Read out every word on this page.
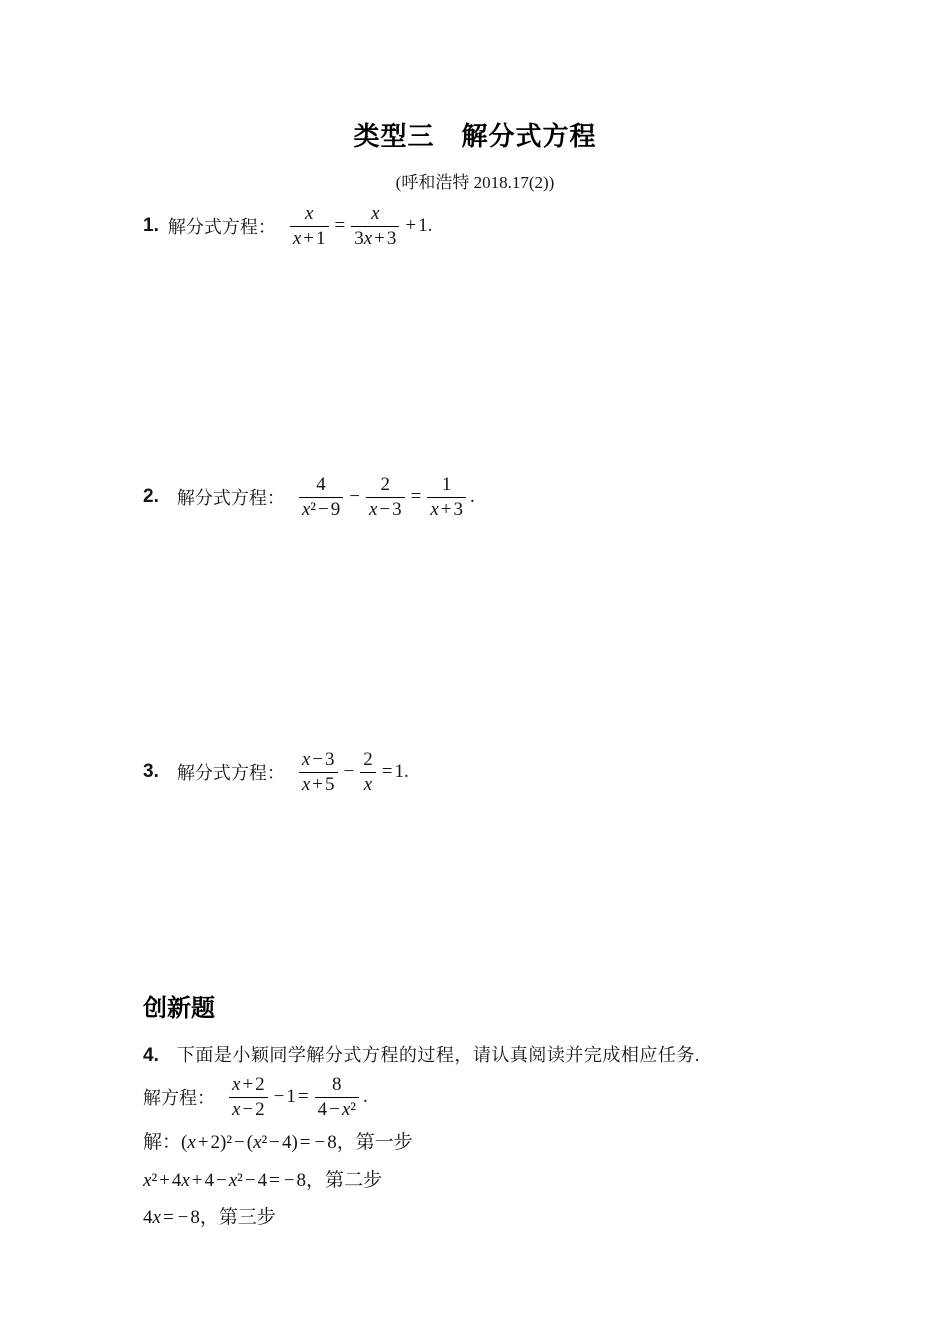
类型三　解分式方程
(呼和浩特 2018.17(2))
1. 解分式方程： $\frac{x}{x + 1} = \frac{x}{3x + 3} + 1$.
2. 解分式方程： $\frac{4}{\text{x² − 9}} - \frac{2}{x - 3} = \frac{1}{x + 3}$ .
3. 解分式方程： $\frac{x - 3}{x + 5} - \frac{2}{x} = 1$.
创新题
4. 下面是小颖同学解分式方程的过程，请认真阅读并完成相应任务.
解方程： $\frac{x + 2}{x - 2} - 1 = \frac{8}{\text{4 − x²}}$ .
解：(x + 2)² − (x² − 4) = − 8，第一步
x² + 4x + 4 − x² − 4 = − 8，第二步
4x = − 8，第三步
